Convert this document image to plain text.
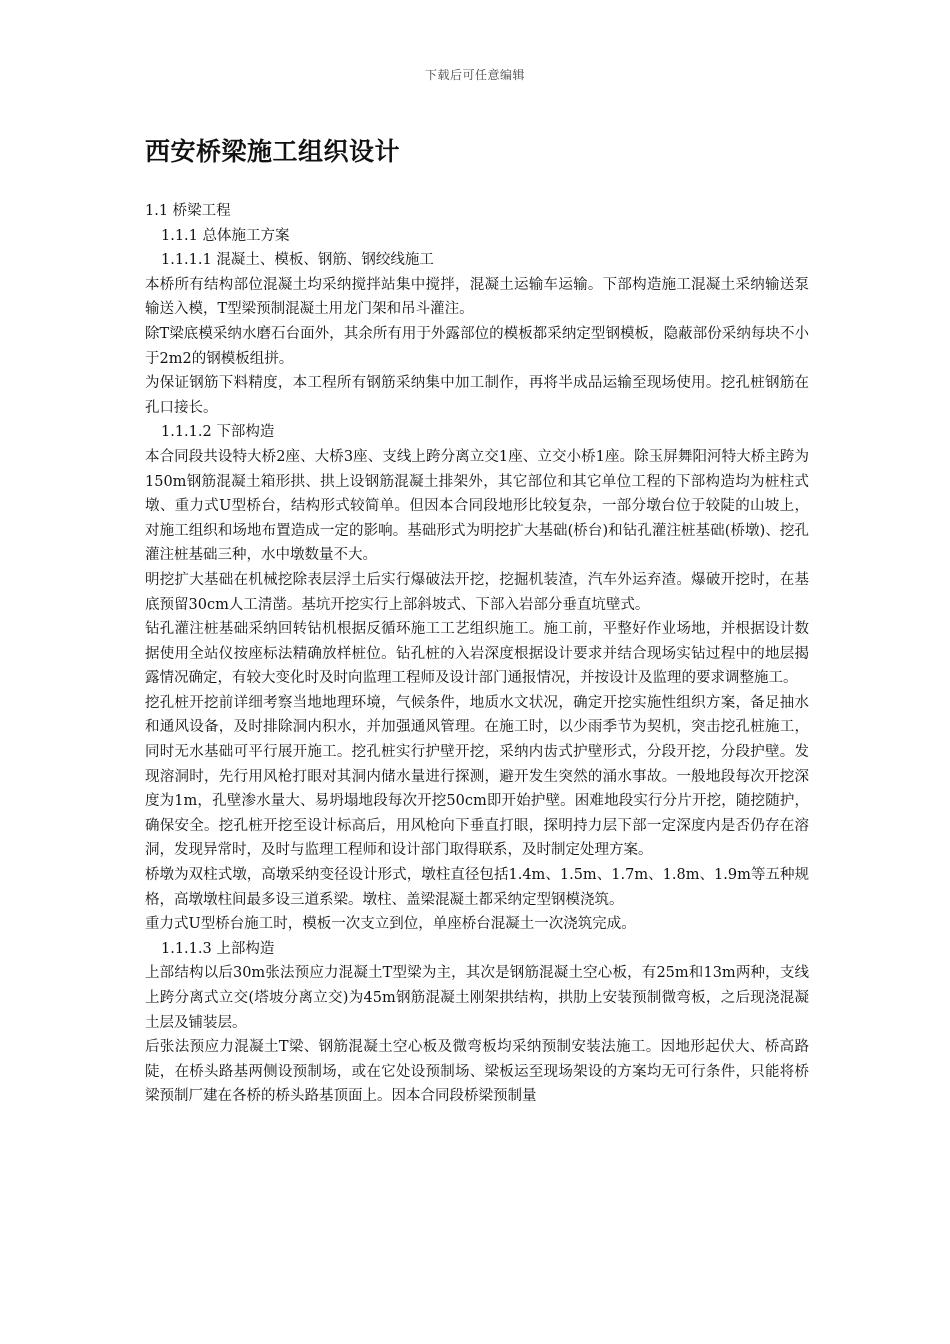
下载后可任意编辑
西安桥梁施工组织设计

1.1 桥梁工程

1.1.1 总体施工方案

1.1.1.1 混凝土、模板、钢筋、钢绞线施工

本桥所有结构部位混凝土均采纳搅拌站集中搅拌，混凝土运输车运输。下部构造施工混凝土采纳输送泵输送入模，T型梁预制混凝土用龙门架和吊斗灌注。

除T梁底模采纳水磨石台面外，其余所有用于外露部位的模板都采纳定型钢模板，隐蔽部份采纳每块不小于2m2的钢模板组拼。

为保证钢筋下料精度，本工程所有钢筋采纳集中加工制作，再将半成品运输至现场使用。挖孔桩钢筋在孔口接长。

1.1.1.2 下部构造

本合同段共设特大桥2座、大桥3座、支线上跨分离立交1座、立交小桥1座。除玉屏舞阳河特大桥主跨为150m钢筋混凝土箱形拱、拱上设钢筋混凝土排架外，其它部位和其它单位工程的下部构造均为桩柱式墩、重力式U型桥台，结构形式较简单。但因本合同段地形比较复杂，一部分墩台位于较陡的山坡上，对施工组织和场地布置造成一定的影响。基础形式为明挖扩大基础(桥台)和钻孔灌注桩基础(桥墩)、挖孔灌注桩基础三种，水中墩数量不大。

明挖扩大基础在机械挖除表层浮土后实行爆破法开挖，挖掘机装渣，汽车外运弃渣。爆破开挖时，在基底预留30cm人工清凿。基坑开挖实行上部斜坡式、下部入岩部分垂直坑壁式。

钻孔灌注桩基础采纳回转钻机根据反循环施工工艺组织施工。施工前，平整好作业场地，并根据设计数据使用全站仪按座标法精确放样桩位。钻孔桩的入岩深度根据设计要求并结合现场实钻过程中的地层揭露情况确定，有较大变化时及时向监理工程师及设计部门通报情况，并按设计及监理的要求调整施工。

挖孔桩开挖前详细考察当地地理环境，气候条件，地质水文状况，确定开挖实施性组织方案，备足抽水和通风设备，及时排除洞内积水，并加强通风管理。在施工时，以少雨季节为契机，突击挖孔桩施工，同时无水基础可平行展开施工。挖孔桩实行护壁开挖，采纳内齿式护壁形式，分段开挖，分段护壁。发现溶洞时，先行用风枪打眼对其洞内储水量进行探测，避开发生突然的涌水事故。一般地段每次开挖深度为1m，孔壁渗水量大、易坍塌地段每次开挖50cm即开始护壁。困难地段实行分片开挖，随挖随护，确保安全。挖孔桩开挖至设计标高后，用风枪向下垂直打眼，探明持力层下部一定深度内是否仍存在溶洞，发现异常时，及时与监理工程师和设计部门取得联系，及时制定处理方案。

桥墩为双柱式墩，高墩采纳变径设计形式，墩柱直径包括1.4m、1.5m、1.7m、1.8m、1.9m等五种规格，高墩墩柱间最多设三道系梁。墩柱、盖梁混凝土都采纳定型钢模浇筑。

重力式U型桥台施工时，模板一次支立到位，单座桥台混凝土一次浇筑完成。

1.1.1.3 上部构造

上部结构以后30m张法预应力混凝土T型梁为主，其次是钢筋混凝土空心板，有25m和13m两种，支线上跨分离式立交(塔坡分离立交)为45m钢筋混凝土刚架拱结构，拱肋上安装预制微弯板，之后现浇混凝土层及铺装层。

后张法预应力混凝土T梁、钢筋混凝土空心板及微弯板均采纳预制安装法施工。因地形起伏大、桥高路陡，在桥头路基两侧设预制场，或在它处设预制场、梁板运至现场架设的方案均无可行条件，只能将桥梁预制厂建在各桥的桥头路基顶面上。因本合同段桥梁预制量
